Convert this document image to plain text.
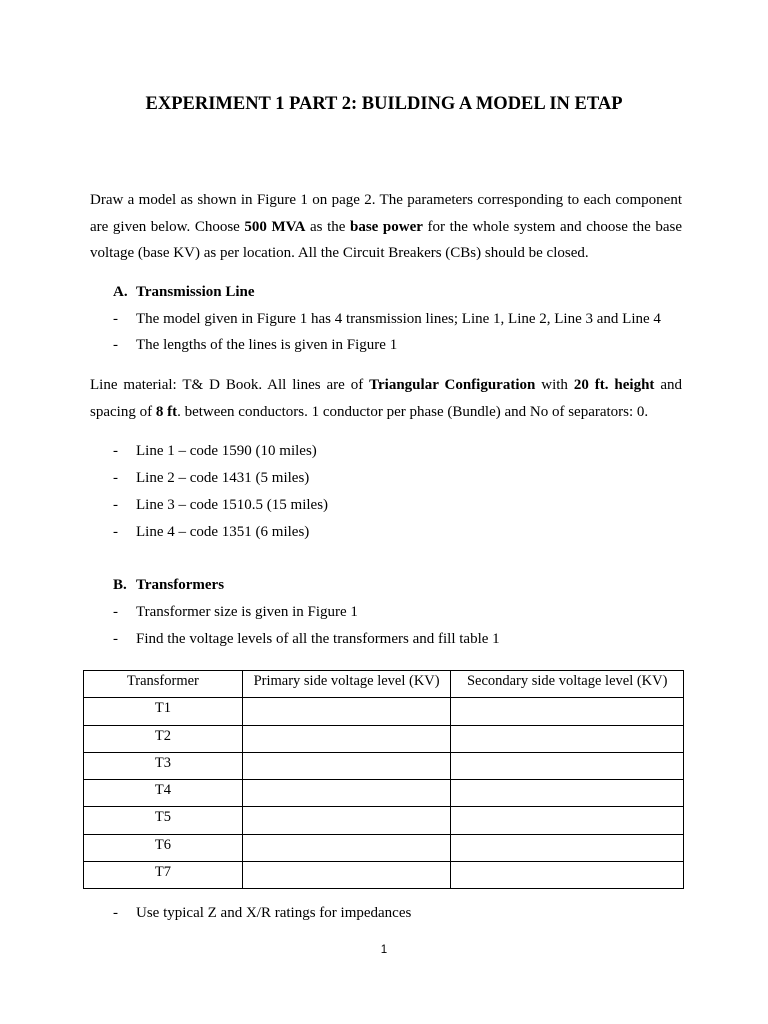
EXPERIMENT 1 PART 2: BUILDING A MODEL IN ETAP

Draw a model as shown in Figure 1 on page 2. The parameters corresponding to each component are given below. Choose 500 MVA as the base power for the whole system and choose the base voltage (base KV) as per location. All the Circuit Breakers (CBs) should be closed.

A. Transmission Line

- The model given in Figure 1 has 4 transmission lines; Line 1, Line 2, Line 3 and Line 4

- The lengths of the lines is given in Figure 1

Line material: T& D Book. All lines are of Triangular Configuration with 20 ft. height and spacing of 8 ft. between conductors. 1 conductor per phase (Bundle) and No of separators: 0.

- Line 1 – code 1590 (10 miles)

- Line 2 – code 1431 (5 miles)

- Line 3 – code 1510.5 (15 miles)

- Line 4 – code 1351 (6 miles)

B. Transformers

- Transformer size is given in Figure 1

- Find the voltage levels of all the transformers and fill table 1

Transformer	Primary side voltage level (KV)	Secondary side voltage level (KV)
T1		
T2		
T3		
T4		
T5		
T6		
T7		

- Use typical Z and X/R ratings for impedances

1
